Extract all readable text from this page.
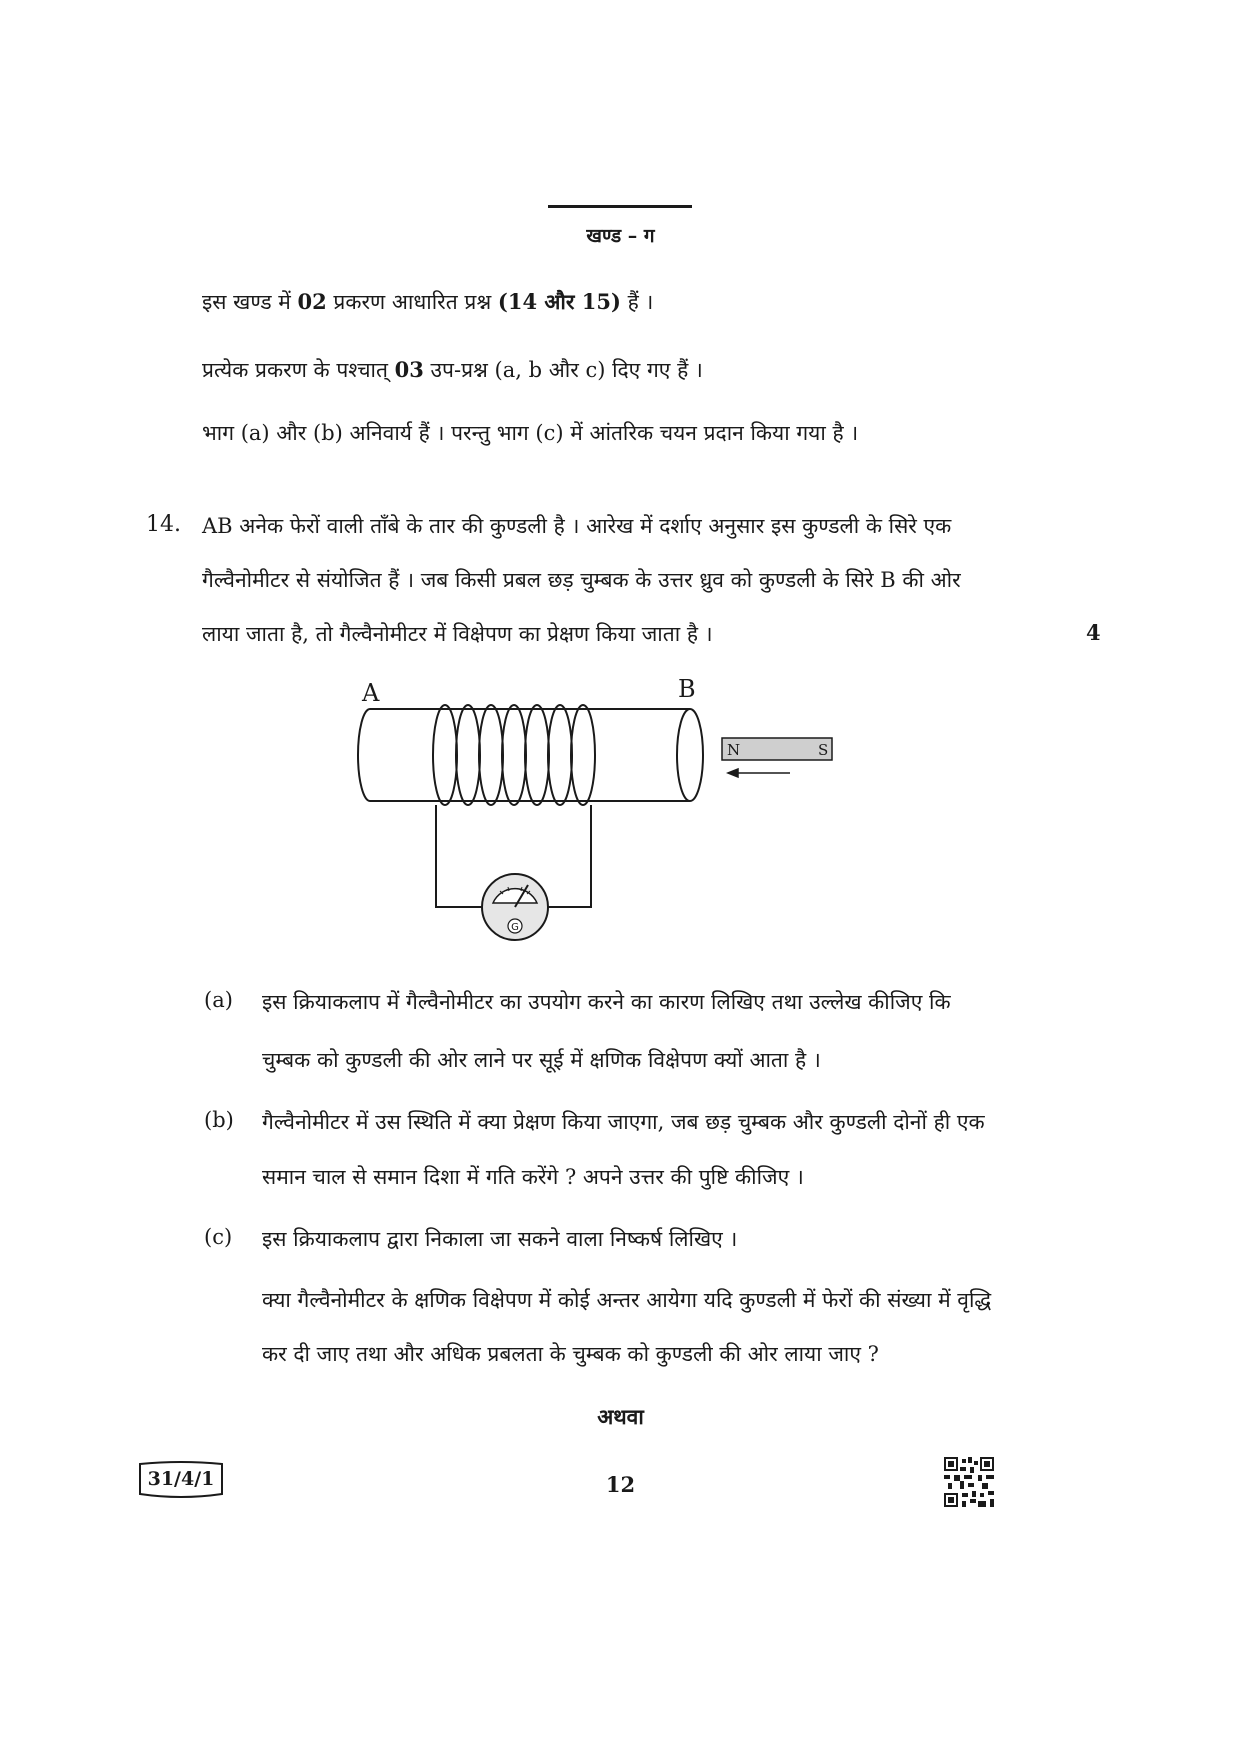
खण्ड – ग
इस खण्ड में 02 प्रकरण आधारित प्रश्न (14 और 15) हैं ।
प्रत्येक प्रकरण के पश्चात् 03 उप-प्रश्न (a, b और c) दिए गए हैं ।
भाग (a) और (b) अनिवार्य हैं । परन्तु भाग (c) में आंतरिक चयन प्रदान किया गया है ।
14. AB अनेक फेरों वाली ताँबे के तार की कुण्डली है । आरेख में दर्शाए अनुसार इस कुण्डली के सिरे एक
गैल्वैनोमीटर से संयोजित हैं । जब किसी प्रबल छड़ चुम्बक के उत्तर ध्रुव को कुण्डली के सिरे B की ओर
लाया जाता है, तो गैल्वैनोमीटर में विक्षेपण का प्रेक्षण किया जाता है ।	4
A	B
G
N	S
(a) इस क्रियाकलाप में गैल्वैनोमीटर का उपयोग करने का कारण लिखिए तथा उल्लेख कीजिए कि
चुम्बक को कुण्डली की ओर लाने पर सूई में क्षणिक विक्षेपण क्यों आता है ।
(b) गैल्वैनोमीटर में उस स्थिति में क्या प्रेक्षण किया जाएगा, जब छड़ चुम्बक और कुण्डली दोनों ही एक
समान चाल से समान दिशा में गति करेंगे ? अपने उत्तर की पुष्टि कीजिए ।
(c) इस क्रियाकलाप द्वारा निकाला जा सकने वाला निष्कर्ष लिखिए ।
क्या गैल्वैनोमीटर के क्षणिक विक्षेपण में कोई अन्तर आयेगा यदि कुण्डली में फेरों की संख्या में वृद्धि
कर दी जाए तथा और अधिक प्रबलता के चुम्बक को कुण्डली की ओर लाया जाए ?
अथवा
31/4/1	12
